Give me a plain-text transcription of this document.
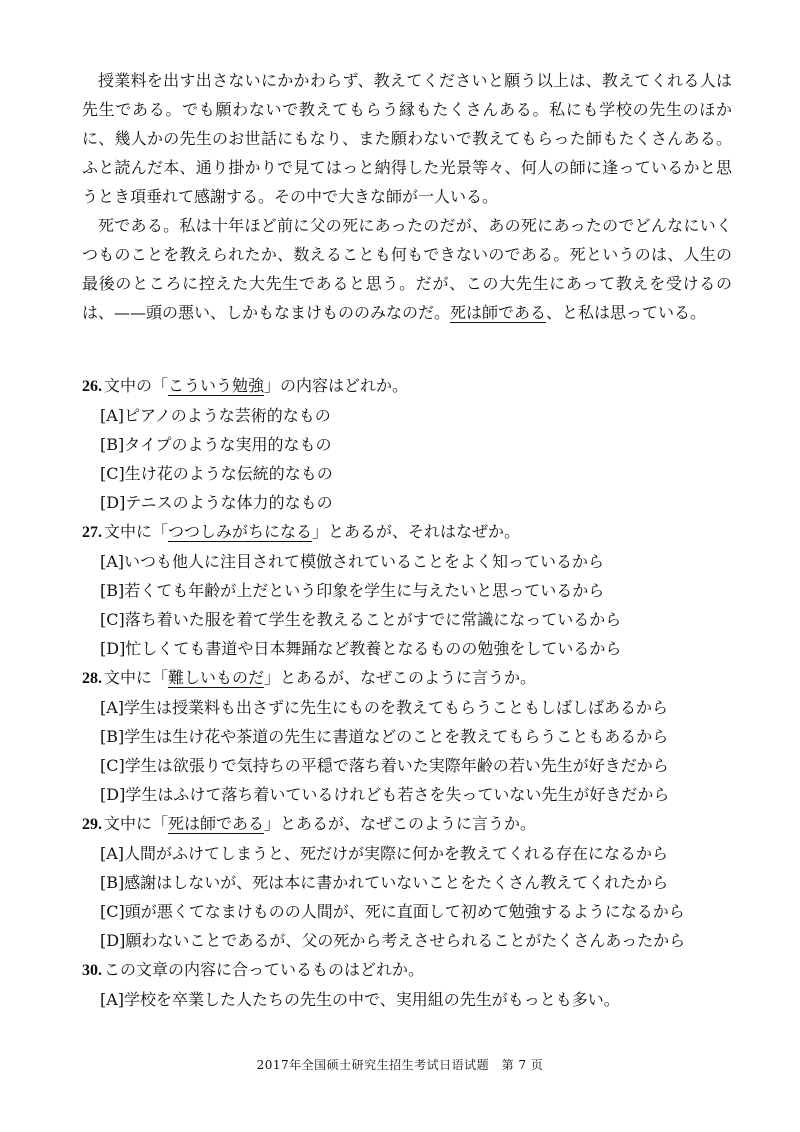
授業料を出す出さないにかかわらず、教えてくださいと願う以上は、教えてくれる人は先生である。でも願わないで教えてもらう縁もたくさんある。私にも学校の先生のほかに、幾人かの先生のお世話にもなり、また願わないで教えてもらった師もたくさんある。ふと読んだ本、通り掛かりで見てはっと納得した光景等々、何人の師に逢っているかと思うとき項垂れて感謝する。その中で大きな師が一人いる。

死である。私は十年ほど前に父の死にあったのだが、あの死にあったのでどんなにいくつものことを教えられたか、数えることも何もできないのである。死というのは、人生の最後のところに控えた大先生であると思う。だが、この大先生にあって教えを受けるのは、——頭の悪い、しかもなまけもののみなのだ。死は師である、と私は思っている。

26. 文中の「こういう勉強」の内容はどれか。
[A]ピアノのような芸術的なもの
[B]タイプのような実用的なもの
[C]生け花のような伝統的なもの
[D]テニスのような体力的なもの
27. 文中に「つつしみがちになる」とあるが、それはなぜか。
[A]いつも他人に注目されて模倣されていることをよく知っているから
[B]若くても年齢が上だという印象を学生に与えたいと思っているから
[C]落ち着いた服を着て学生を教えることがすでに常識になっているから
[D]忙しくても書道や日本舞踊など教養となるものの勉強をしているから
28. 文中に「難しいものだ」とあるが、なぜこのように言うか。
[A]学生は授業料も出さずに先生にものを教えてもらうこともしばしばあるから
[B]学生は生け花や茶道の先生に書道などのことを教えてもらうこともあるから
[C]学生は欲張りで気持ちの平穏で落ち着いた実際年齢の若い先生が好きだから
[D]学生はふけて落ち着いているけれども若さを失っていない先生が好きだから
29. 文中に「死は師である」とあるが、なぜこのように言うか。
[A]人間がふけてしまうと、死だけが実際に何かを教えてくれる存在になるから
[B]感謝はしないが、死は本に書かれていないことをたくさん教えてくれたから
[C]頭が悪くてなまけものの人間が、死に直面して初めて勉強するようになるから
[D]願わないことであるが、父の死から考えさせられることがたくさんあったから
30. この文章の内容に合っているものはどれか。
[A]学校を卒業した人たちの先生の中で、実用組の先生がもっとも多い。
2017年全国硕士研究生招生考试日语试题　第 7 页
